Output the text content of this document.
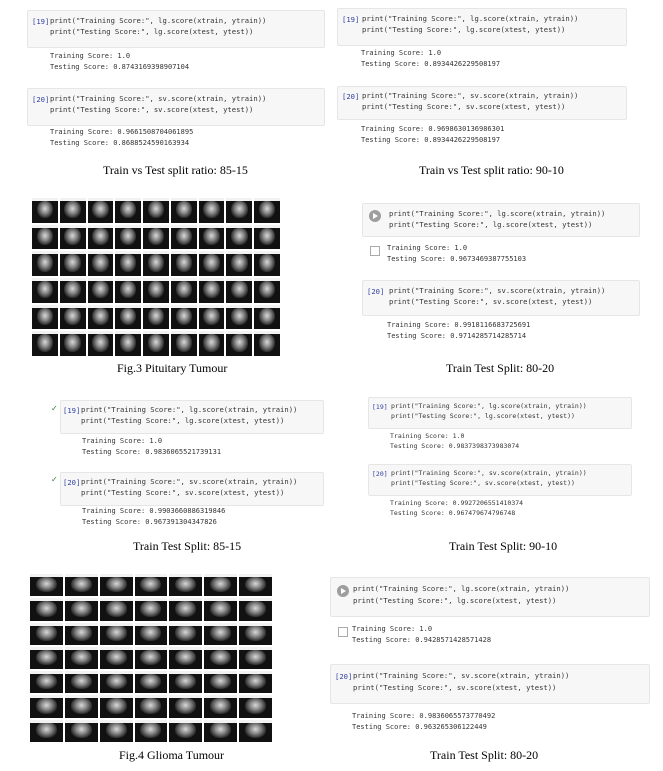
[19] print("Training Score:", lg.score(xtrain, ytrain))
print("Testing Score:", lg.score(xtest, ytest))
Training Score: 1.0
Testing Score: 0.8743169398907104
[20] print("Training Score:", sv.score(xtrain, ytrain))
print("Testing Score:", sv.score(xtest, ytest))
Training Score: 0.9661508704061895
Testing Score: 0.8688524590163934
Train vs Test split ratio: 85-15
[19] print("Training Score:", lg.score(xtrain, ytrain))
print("Testing Score:", lg.score(xtest, ytest))
Training Score: 1.0
Testing Score: 0.8934426229508197
[20] print("Training Score:", sv.score(xtrain, ytrain))
print("Testing Score:", sv.score(xtest, ytest))
Training Score: 0.9698630136986301
Testing Score: 0.8934426229508197
Train vs Test split ratio: 90-10
Fig.3 Pituitary Tumour
print("Training Score:", lg.score(xtrain, ytrain))
print("Testing Score:", lg.score(xtest, ytest))
Training Score: 1.0
Testing Score: 0.9673469387755103
[20] print("Training Score:", sv.score(xtrain, ytrain))
print("Testing Score:", sv.score(xtest, ytest))
Training Score: 0.9918116683725691
Testing Score: 0.9714285714285714
Train Test Split: 80-20
✓ [19] print("Training Score:", lg.score(xtrain, ytrain))
print("Testing Score:", lg.score(xtest, ytest))
Training Score: 1.0
Testing Score: 0.9836065521739131
✓ [20] print("Training Score:", sv.score(xtrain, ytrain))
print("Testing Score:", sv.score(xtest, ytest))
Training Score: 0.9903660886319846
Testing Score: 0.967391304347826
Train Test Split: 85-15
[19] print("Training Score:", lg.score(xtrain, ytrain))
print("Testing Score:", lg.score(xtest, ytest))
Training Score: 1.0
Testing Score: 0.9837398373983074
[20] print("Training Score:", sv.score(xtrain, ytrain))
print("Testing Score:", sv.score(xtest, ytest))
Training Score: 0.9927206551410374
Testing Score: 0.967479674796748
Train Test Split: 90-10
Fig.4 Glioma Tumour
print("Training Score:", lg.score(xtrain, ytrain))
print("Testing Score:", lg.score(xtest, ytest))
Training Score: 1.0
Testing Score: 0.9428571428571428
[20] print("Training Score:", sv.score(xtrain, ytrain))
print("Testing Score:", sv.score(xtest, ytest))
Training Score: 0.9836065573770492
Testing Score: 0.963265306122449
Train Test Split: 80-20
